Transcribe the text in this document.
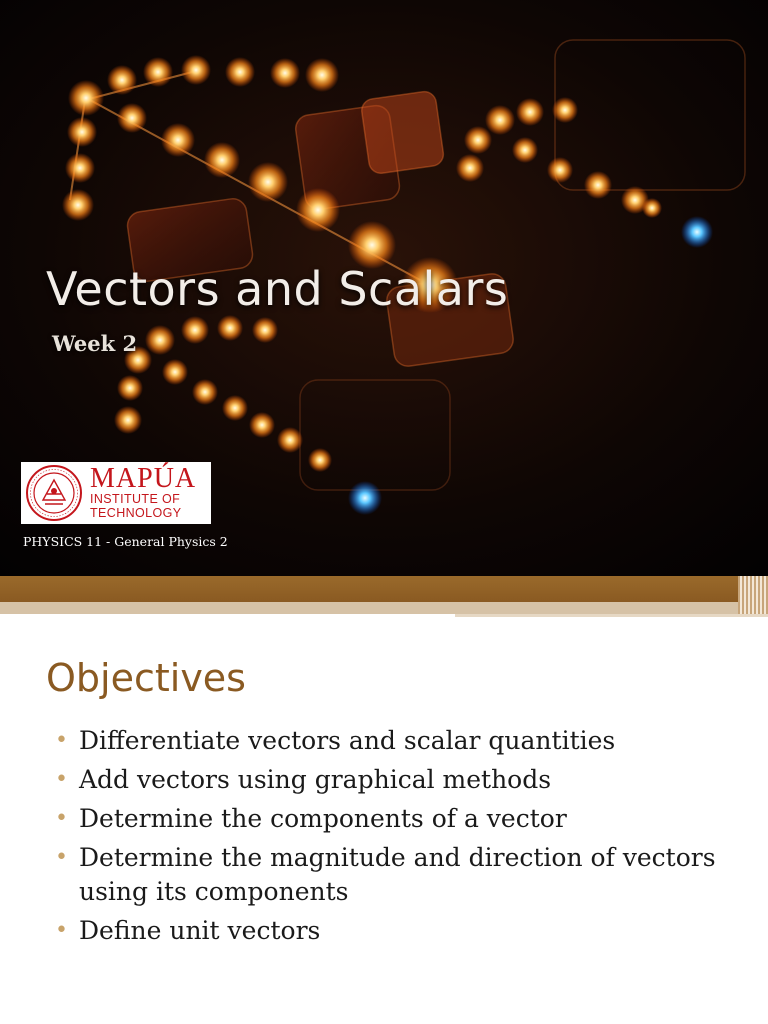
Vectors and Scalars
Week 2
MAPÚA
INSTITUTE OF
TECHNOLOGY
PHYSICS 11 - General Physics 2
Objectives
• Differentiate vectors and scalar quantities
• Add vectors using graphical methods
• Determine the components of a vector
• Determine the magnitude and direction of vectors using its components
• Define unit vectors
